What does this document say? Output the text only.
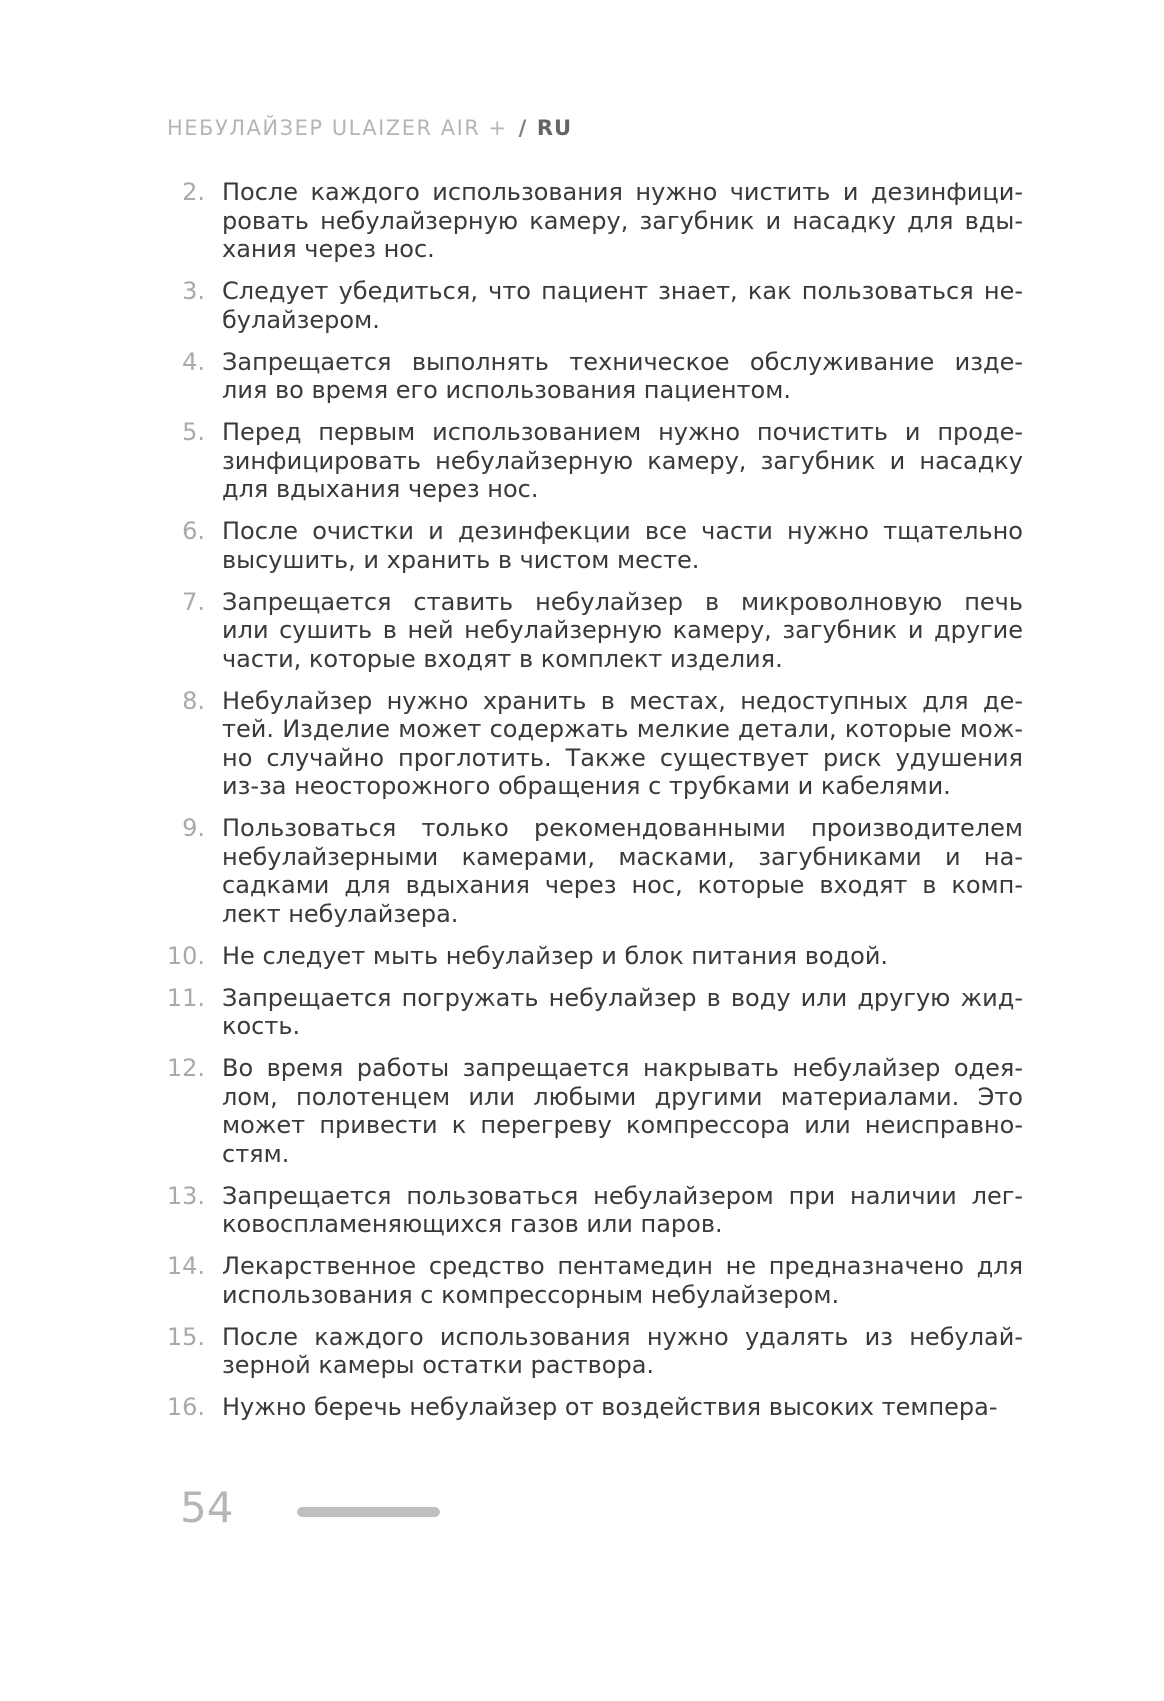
НЕБУЛАЙЗЕР ULAIZER AIR + / RU
2. После каждого использования нужно чистить и дезинфици-
ровать небулайзерную камеру, загубник и насадку для вды-
хания через нос.
3. Следует убедиться, что пациент знает, как пользоваться не-
булайзером.
4. Запрещается выполнять техническое обслуживание изде-
лия во время его использования пациентом.
5. Перед первым использованием нужно почистить и проде-
зинфицировать небулайзерную камеру, загубник и насадку
для вдыхания через нос.
6. После очистки и дезинфекции все части нужно тщательно
высушить, и хранить в чистом месте.
7. Запрещается ставить небулайзер в микроволновую печь
или сушить в ней небулайзерную камеру, загубник и другие
части, которые входят в комплект изделия.
8. Небулайзер нужно хранить в местах, недоступных для де-
тей. Изделие может содержать мелкие детали, которые мож-
но случайно проглотить. Также существует риск удушения
из-за неосторожного обращения с трубками и кабелями.
9. Пользоваться только рекомендованными производителем
небулайзерными камерами, масками, загубниками и на-
садками для вдыхания через нос, которые входят в комп-
лект небулайзера.
10. Не следует мыть небулайзер и блок питания водой.
11. Запрещается погружать небулайзер в воду или другую жид-
кость.
12. Во время работы запрещается накрывать небулайзер одея-
лом, полотенцем или любыми другими материалами. Это
может привести к перегреву компрессора или неисправно-
стям.
13. Запрещается пользоваться небулайзером при наличии лег-
ковоспламеняющихся газов или паров.
14. Лекарственное средство пентамедин не предназначено для
использования с компрессорным небулайзером.
15. После каждого использования нужно удалять из небулай-
зерной камеры остатки раствора.
16. Нужно беречь небулайзер от воздействия высоких темпера-
54
